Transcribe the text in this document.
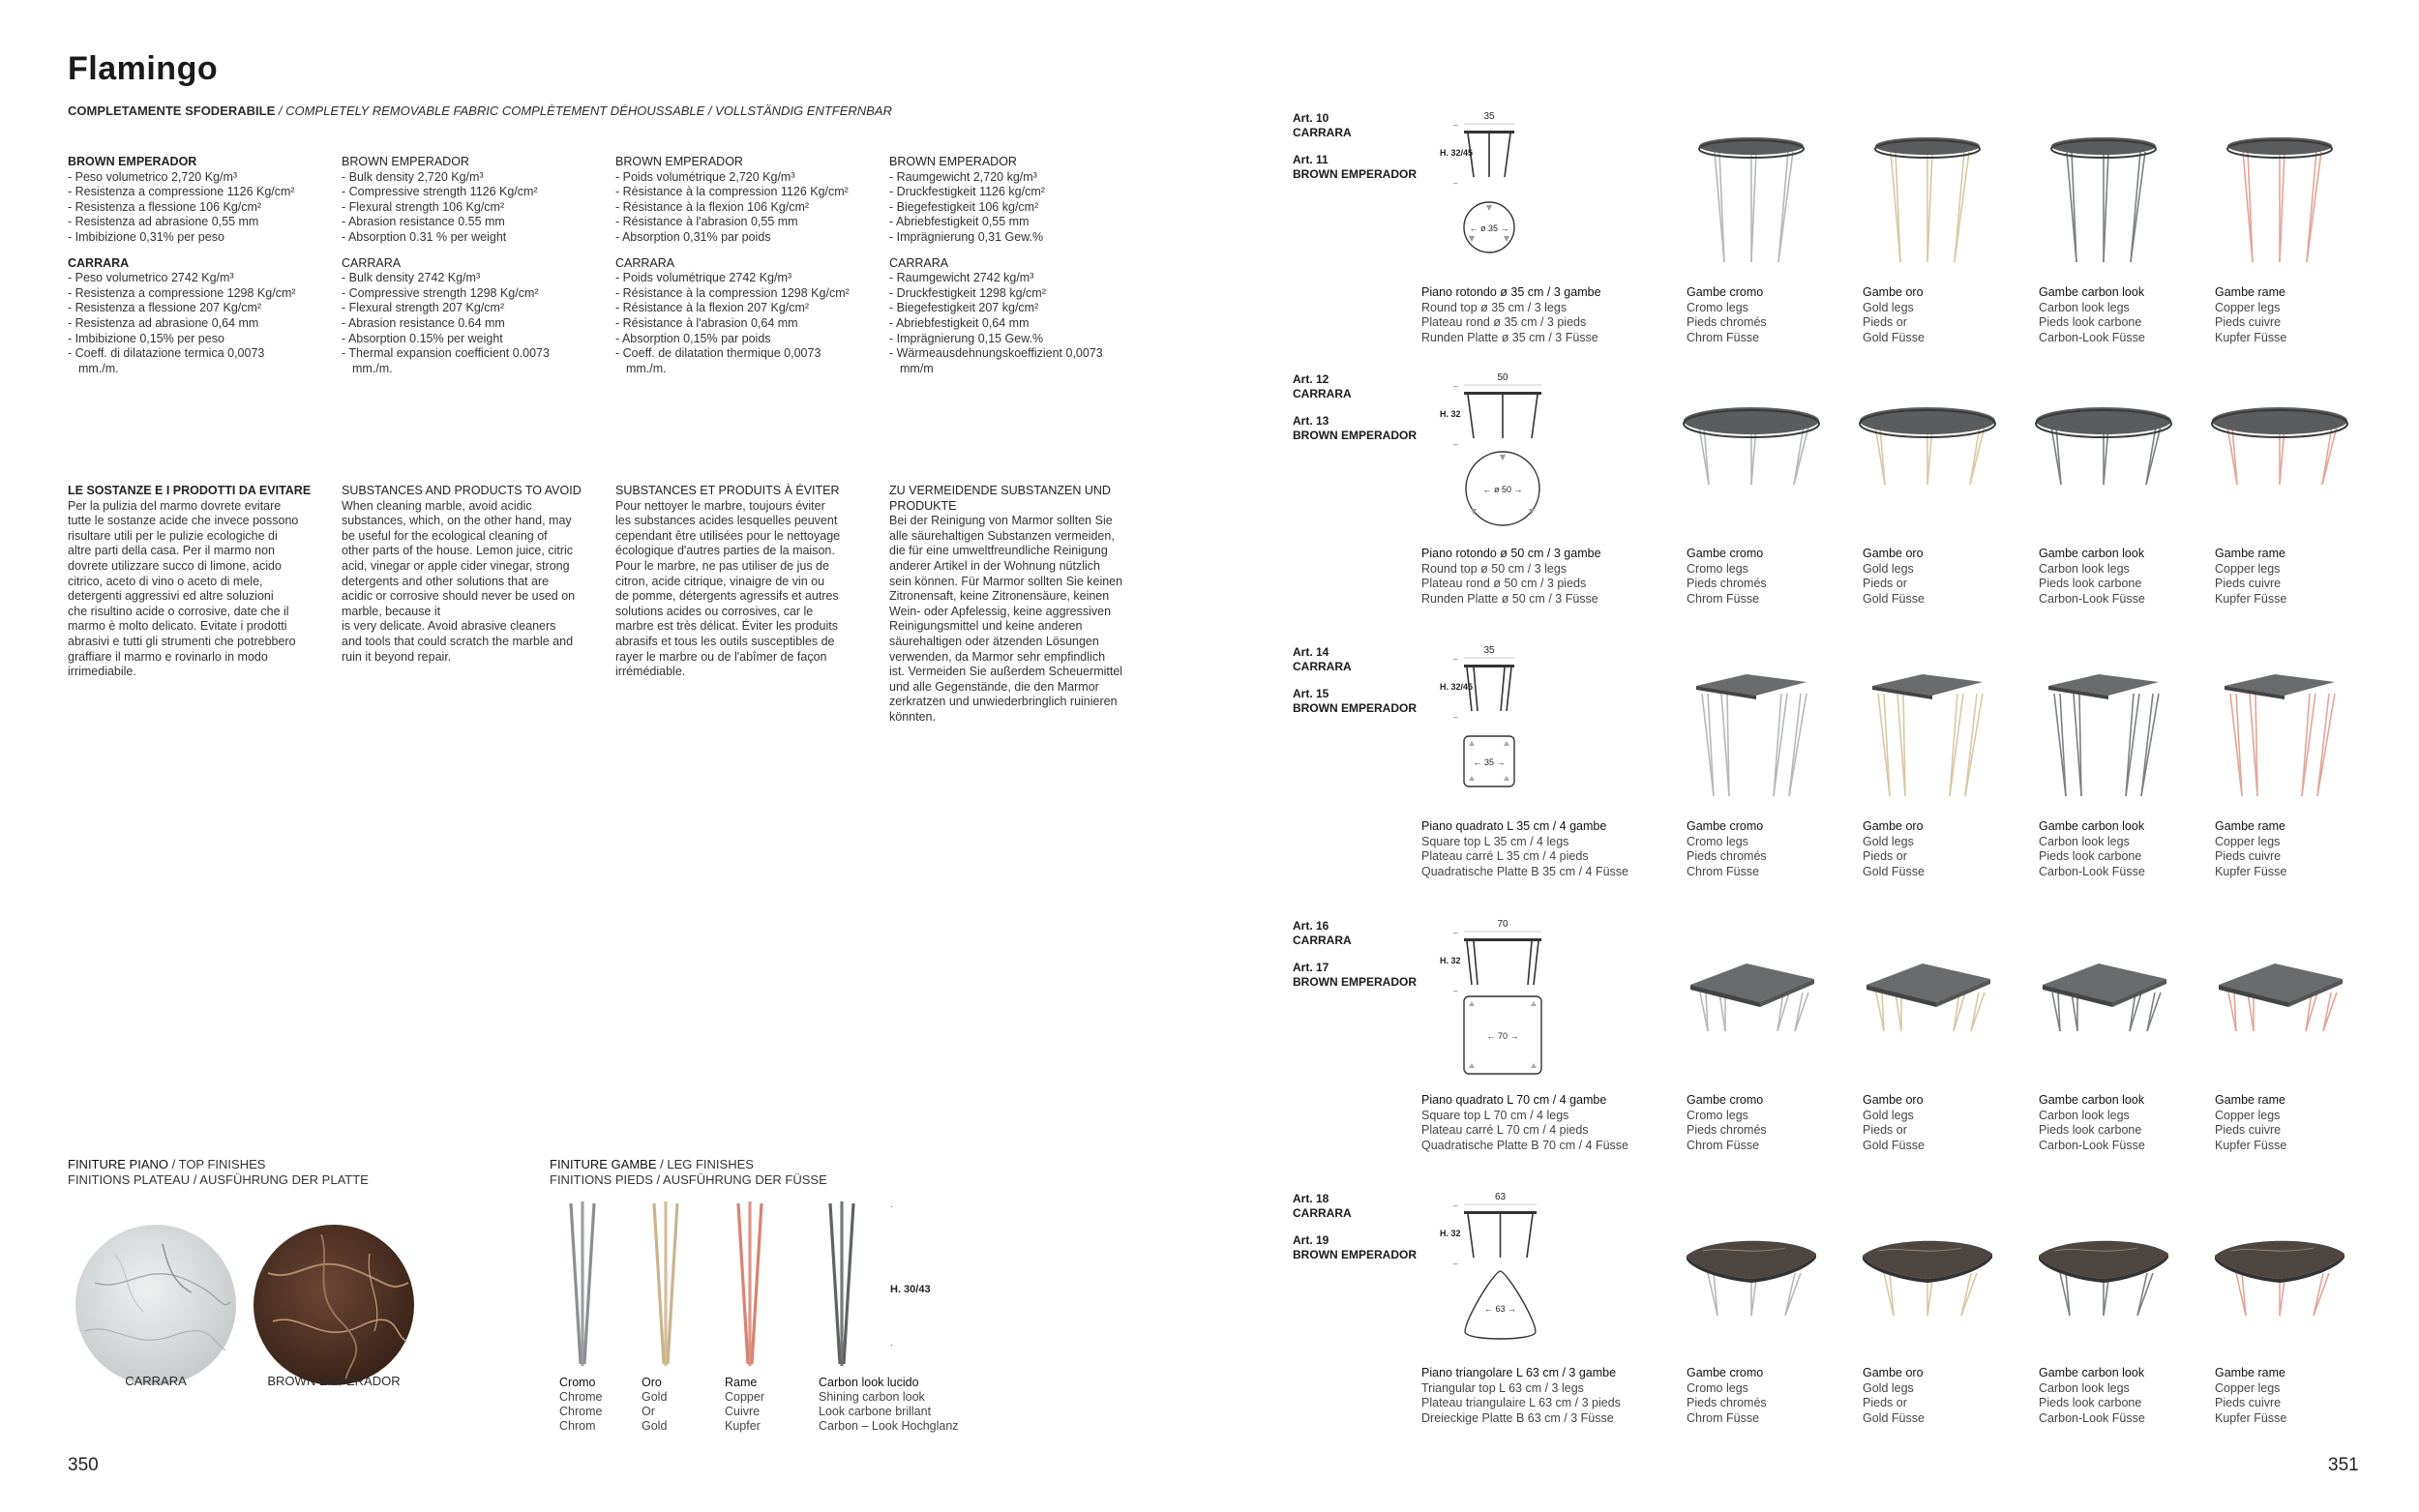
Flamingo
COMPLETAMENTE SFODERABILE / COMPLETELY REMOVABLE FABRIC COMPLÈTEMENT DÉHOUSSABLE / VOLLSTÄNDIG ENTFERNBAR
BROWN EMPERADOR
- Peso volumetrico 2,720 Kg/m³
- Resistenza a compressione 1126 Kg/cm²
- Resistenza a flessione 106 Kg/cm²
- Resistenza ad abrasione 0,55 mm
- Imbibizione 0,31% per peso
CARRARA
- Peso volumetrico 2742 Kg/m³
- Resistenza a compressione 1298 Kg/cm²
- Resistenza a flessione 207 Kg/cm²
- Resistenza ad abrasione 0,64 mm
- Imbibizione 0,15% per peso
- Coeff. di dilatazione termica 0,0073
mm./m.
BROWN EMPERADOR
- Bulk density 2,720 Kg/m³
- Compressive strength 1126 Kg/cm²
- Flexural strength 106 Kg/cm²
- Abrasion resistance 0.55 mm
- Absorption 0.31 % per weight
CARRARA
- Bulk density 2742 Kg/m³
- Compressive strength 1298 Kg/cm²
- Flexural strength 207 Kg/cm²
- Abrasion resistance 0.64 mm
- Absorption 0.15% per weight
- Thermal expansion coefficient 0.0073
mm./m.
BROWN EMPERADOR
- Poids volumétrique 2,720 Kg/m³
- Résistance à la compression 1126 Kg/cm²
- Résistance à la flexion 106 Kg/cm²
- Résistance à l'abrasion 0,55 mm
- Absorption 0,31% par poids
CARRARA
- Poids volumétrique 2742 Kg/m³
- Résistance à la compression 1298 Kg/cm²
- Résistance à la flexion 207 Kg/cm²
- Résistance à l'abrasion 0,64 mm
- Absorption 0,15% par poids
- Coeff. de dilatation thermique 0,0073
mm./m.
BROWN EMPERADOR
- Raumgewicht 2,720 kg/m³
- Druckfestigkeit 1126 kg/cm²
- Biegefestigkeit 106 kg/cm²
- Abriebfestigkeit 0,55 mm
- Imprägnierung 0,31 Gew.%
CARRARA
- Raumgewicht 2742 kg/m³
- Druckfestigkeit 1298 kg/cm²
- Biegefestigkeit 207 kg/cm²
- Abriebfestigkeit 0,64 mm
- Imprägnierung 0,15 Gew.%
- Wärmeausdehnungskoeffizient 0,0073
mm/m
LE SOSTANZE E I PRODOTTI DA EVITARE
Per la pulizia del marmo dovrete evitare
tutte le sostanze acide che invece possono
risultare utili per le pulizie ecologiche di
altre parti della casa. Per il marmo non
dovrete utilizzare succo di limone, acido
citrico, aceto di vino o aceto di mele,
detergenti aggressivi ed altre soluzioni
che risultino acide o corrosive, date che il
marmo è molto delicato. Evitate i prodotti
abrasivi e tutti gli strumenti che potrebbero
graffiare il marmo e rovinarlo in modo
irrimediabile.
SUBSTANCES AND PRODUCTS TO AVOID
When cleaning marble, avoid acidic
substances, which, on the other hand, may
be useful for the ecological cleaning of
other parts of the house. Lemon juice, citric
acid, vinegar or apple cider vinegar, strong
detergents and other solutions that are
acidic or corrosive should never be used on
marble, because it
is very delicate. Avoid abrasive cleaners
and tools that could scratch the marble and
ruin it beyond repair.
SUBSTANCES ET PRODUITS À ÉVITER
Pour nettoyer le marbre, toujours éviter
les substances acides lesquelles peuvent
cependant être utilisées pour le nettoyage
écologique d'autres parties de la maison.
Pour le marbre, ne pas utiliser de jus de
citron, acide citrique, vinaigre de vin ou
de pomme, détergents agressifs et autres
solutions acides ou corrosives, car le
marbre est très délicat. Éviter les produits
abrasifs et tous les outils susceptibles de
rayer le marbre ou de l'abîmer de façon
irrémédiable.
ZU VERMEIDENDE SUBSTANZEN UND
PRODUKTE
Bei der Reinigung von Marmor sollten Sie
alle säurehaltigen Substanzen vermeiden,
die für eine umweltfreundliche Reinigung
anderer Artikel in der Wohnung nützlich
sein können. Für Marmor sollten Sie keinen
Zitronensaft, keine Zitronensäure, keinen
Wein- oder Apfelessig, keine aggressiven
Reinigungsmittel und keine anderen
säurehaltigen oder ätzenden Lösungen
verwenden, da Marmor sehr empfindlich
ist. Vermeiden Sie außerdem Scheuermittel
und alle Gegenstände, die den Marmor
zerkratzen und unwiederbringlich ruinieren
könnten.
FINITURE PIANO / TOP FINISHES
FINITIONS PLATEAU / AUSFÜHRUNG DER PLATTE
CARRARA	BROWN EMPERADOR
FINITURE GAMBE / LEG FINISHES
FINITIONS PIEDS / AUSFÜHRUNG DER FÜSSE
·
H. 30/43
·
Cromo
Chrome
Chrome
Chrom
Oro
Gold
Or
Gold
Rame
Copper
Cuivre
Kupfer
Carbon look lucido
Shining carbon look
Look carbone brillant
Carbon – Look Hochglanz
350	351
Art. 10
CARRARA
Art. 11
BROWN EMPERADOR
35
–
H. 32/45
–
← ø 35 →
Piano rotondo ø 35 cm / 3 gambe
Round top ø 35 cm / 3 legs
Plateau rond ø 35 cm / 3 pieds
Runden Platte ø 35 cm / 3 Füsse
Gambe cromo
Cromo legs
Pieds chromés
Chrom Füsse
Gambe oro
Gold legs
Pieds or
Gold Füsse
Gambe carbon look
Carbon look legs
Pieds look carbone
Carbon-Look Füsse
Gambe rame
Copper legs
Pieds cuivre
Kupfer Füsse
Art. 12
CARRARA
Art. 13
BROWN EMPERADOR
50
–
H. 32
–
← ø 50 →
Piano rotondo ø 50 cm / 3 gambe
Round top ø 50 cm / 3 legs
Plateau rond ø 50 cm / 3 pieds
Runden Platte ø 50 cm / 3 Füsse
Gambe cromo
Cromo legs
Pieds chromés
Chrom Füsse
Gambe oro
Gold legs
Pieds or
Gold Füsse
Gambe carbon look
Carbon look legs
Pieds look carbone
Carbon-Look Füsse
Gambe rame
Copper legs
Pieds cuivre
Kupfer Füsse
Art. 14
CARRARA
Art. 15
BROWN EMPERADOR
35
–
H. 32/45
–
← 35 →
Piano quadrato L 35 cm / 4 gambe
Square top L 35 cm / 4 legs
Plateau carré L 35 cm / 4 pieds
Quadratische Platte B 35 cm / 4 Füsse
Gambe cromo
Cromo legs
Pieds chromés
Chrom Füsse
Gambe oro
Gold legs
Pieds or
Gold Füsse
Gambe carbon look
Carbon look legs
Pieds look carbone
Carbon-Look Füsse
Gambe rame
Copper legs
Pieds cuivre
Kupfer Füsse
Art. 16
CARRARA
Art. 17
BROWN EMPERADOR
70
–
H. 32
–
← 70 →
Piano quadrato L 70 cm / 4 gambe
Square top L 70 cm / 4 legs
Plateau carré L 70 cm / 4 pieds
Quadratische Platte B 70 cm / 4 Füsse
Gambe cromo
Cromo legs
Pieds chromés
Chrom Füsse
Gambe oro
Gold legs
Pieds or
Gold Füsse
Gambe carbon look
Carbon look legs
Pieds look carbone
Carbon-Look Füsse
Gambe rame
Copper legs
Pieds cuivre
Kupfer Füsse
Art. 18
CARRARA
Art. 19
BROWN EMPERADOR
63
–
H. 32
–
← 63 →
Piano triangolare L 63 cm / 3 gambe
Triangular top L 63 cm / 3 legs
Plateau triangulaire L 63 cm / 3 pieds
Dreieckige Platte B 63 cm / 3 Füsse
Gambe cromo
Cromo legs
Pieds chromés
Chrom Füsse
Gambe oro
Gold legs
Pieds or
Gold Füsse
Gambe carbon look
Carbon look legs
Pieds look carbone
Carbon-Look Füsse
Gambe rame
Copper legs
Pieds cuivre
Kupfer Füsse
